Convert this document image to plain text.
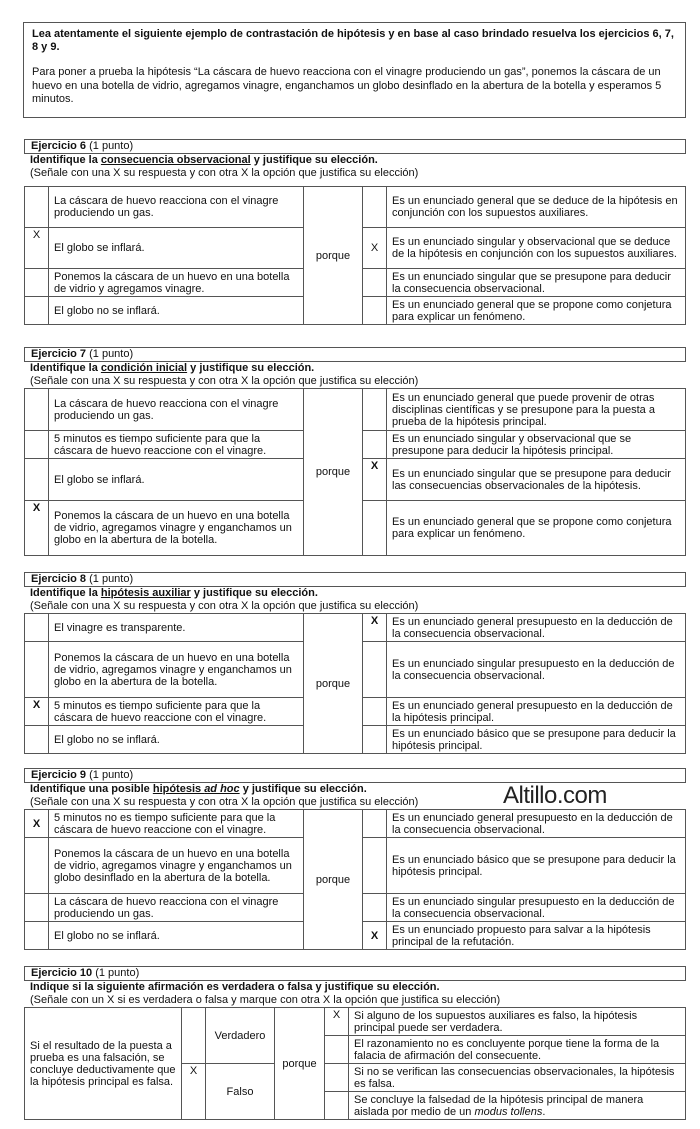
Lea atentamente el siguiente ejemplo de contrastación de hipótesis y en base al caso brindado resuelva los ejercicios 6, 7, 8 y 9.
Para poner a prueba la hipótesis “La cáscara de huevo reacciona con el vinagre produciendo un gas”, ponemos la cáscara de un huevo en una botella de vidrio, agregamos vinagre, enganchamos un globo desinflado en la abertura de la botella y esperamos 5 minutos.
Ejercicio 6 (1 punto)
Identifique la consecuencia observacional y justifique su elección.
(Señale con una X su respuesta y con otra X la opción que justifica su elección)
	La cáscara de huevo reacciona con el vinagre produciendo un gas.	porque		Es un enunciado general que se deduce de la hipótesis en conjunción con los supuestos auxiliares.
X	El globo se inflará.		X	Es un enunciado singular y observacional que se deduce de la hipótesis en conjunción con los supuestos auxiliares.
	Ponemos la cáscara de un huevo en una botella de vidrio y agregamos vinagre.			Es un enunciado singular que se presupone para deducir la consecuencia observacional.
	El globo no se inflará.			Es un enunciado general que se propone como conjetura para explicar un fenómeno.
Ejercicio 7 (1 punto)
Identifique la condición inicial y justifique su elección.
(Señale con una X su respuesta y con otra X la opción que justifica su elección)
	La cáscara de huevo reacciona con el vinagre produciendo un gas.	porque		Es un enunciado general que puede provenir de otras disciplinas científicas y se presupone para la puesta a prueba de la hipótesis principal.
	5 minutos es tiempo suficiente para que la cáscara de huevo reaccione con el vinagre.			Es un enunciado singular y observacional que se presupone para deducir la hipótesis principal.
	El globo se inflará.		X	Es un enunciado singular que se presupone para deducir las consecuencias observacionales de la hipótesis.
X	Ponemos la cáscara de un huevo en una botella de vidrio, agregamos vinagre y enganchamos un globo en la abertura de la botella.			Es un enunciado general que se propone como conjetura para explicar un fenómeno.
Ejercicio 8 (1 punto)
Identifique la hipótesis auxiliar y justifique su elección.
(Señale con una X su respuesta y con otra X la opción que justifica su elección)
	El vinagre es transparente.	porque	X	Es un enunciado general presupuesto en la deducción de la consecuencia observacional.
	Ponemos la cáscara de un huevo en una botella de vidrio, agregamos vinagre y enganchamos un globo en la abertura de la botella.			Es un enunciado singular presupuesto en la deducción de la consecuencia observacional.
X	5 minutos es tiempo suficiente para que la cáscara de huevo reaccione con el vinagre.			Es un enunciado general presupuesto en la deducción de la hipótesis principal.
	El globo no se inflará.			Es un enunciado básico que se presupone para deducir la hipótesis principal.
Ejercicio 9 (1 punto)
Identifique una posible hipótesis ad hoc y justifique su elección.
(Señale con una X su respuesta y con otra X la opción que justifica su elección)
X	5 minutos no es tiempo suficiente para que la cáscara de huevo reaccione con el vinagre.	porque		Es un enunciado general presupuesto en la deducción de la consecuencia observacional.
	Ponemos la cáscara de un huevo en una botella de vidrio, agregamos vinagre y enganchamos un globo desinflado en la abertura de la botella.			Es un enunciado básico que se presupone para deducir la hipótesis principal.
	La cáscara de huevo reacciona con el vinagre produciendo un gas.			Es un enunciado singular presupuesto en la deducción de la consecuencia observacional.
	El globo no se inflará.		X	Es un enunciado propuesto para salvar a la hipótesis principal de la refutación.
Altillo.com
Ejercicio 10 (1 punto)
Indique si la siguiente afirmación es verdadera o falsa y justifique su elección.
(Señale con un X si es verdadera o falsa y marque con otra X la opción que justifica su elección)
Si el resultado de la puesta a prueba es una falsación, se concluye deductivamente que la hipótesis principal es falsa.		Verdadero	porque	X	Si alguno de los supuestos auxiliares es falso, la hipótesis principal puede ser verdadera.
					El razonamiento no es concluyente porque tiene la forma de la falacia de afirmación del consecuente.
	X	Falso			Si no se verifican las consecuencias observacionales, la hipótesis es falsa.
					Se concluye la falsedad de la hipótesis principal de manera aislada por medio de un modus tollens.
